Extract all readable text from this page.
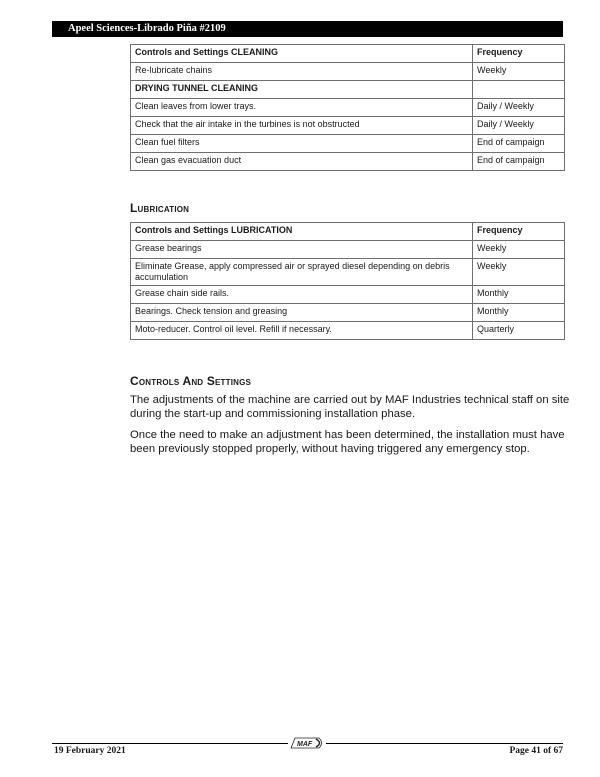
Apeel Sciences-Librado Piña #2109
Controls and Settings CLEANING	Frequency
Re-lubricate chains	Weekly
DRYING TUNNEL CLEANING	
Clean leaves from lower trays.	Daily / Weekly
Check that the air intake in the turbines is not obstructed	Daily / Weekly
Clean fuel filters	End of campaign
Clean gas evacuation duct	End of campaign
Lubrication
Controls and Settings LUBRICATION	Frequency
Grease bearings	Weekly
Eliminate Grease, apply compressed air or sprayed diesel depending on debris accumulation	Weekly
Grease chain side rails.	Monthly
Bearings. Check tension and greasing	Monthly
Moto-reducer. Control oil level. Refill if necessary.	Quarterly
Controls And Settings

The adjustments of the machine are carried out by MAF Industries technical staff on site during the start-up and commissioning installation phase.

Once the need to make an adjustment has been determined, the installation must have been previously stopped properly, without having triggered any emergency stop.

MAF
19 February 2021	Page 41 of 67
